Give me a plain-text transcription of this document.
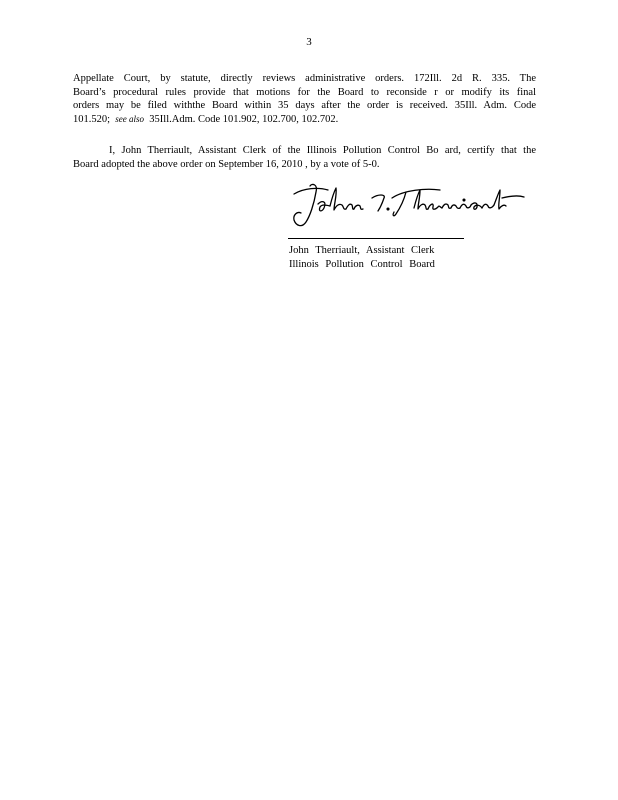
3
Appellate Court, by statute, directly reviews administrative orders. 172Ill. 2d R. 335. The
Board’s procedural rules provide that motions for the Board to reconside r or modify its final
orders may be filed withthe Board within 35 days after the order is received. 35Ill. Adm. Code
101.520; see also 35Ill.Adm. Code 101.902, 102.700, 102.702.
I, John Therriault, Assistant Clerk of the Illinois Pollution Control Bo ard, certify that the
Board adopted the above order on September 16, 2010 , by a vote of 5-0.
John Therriault, Assistant Clerk
Illinois Pollution Control Board
